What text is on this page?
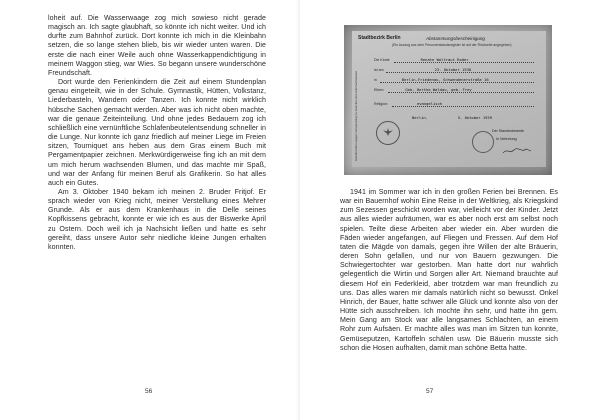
loheit auf. Die Wasserwaage zog mich sowieso nicht gerade magisch an. Ich sagte glaubhaft, so könnte ich nicht weiter. Und ich durfte zum Bahnhof zurück. Dort konnte ich mich in die Kleinbahn setzen, die so lange stehen blieb, bis wir wieder unten waren. Die erste die nach einer Weile auch ohne Wasserkappendichtigung in meinem Waggon stieg, war Wies. So begann unsere wunderschöne Freundschaft.

Dort wurde den Ferienkindern die Zeit auf einem Stundenplan genau eingeteilt, wie in der Schule. Gymnastik, Hütten, Volkstanz, Liederbasteln, Wandern oder Tanzen. Ich konnte nicht wirklich hübsche Sachen gemacht werden. Aber was ich nicht oben machte, war die genaue Zeiteinteilung. Und ohne jedes Bedauern zog ich schließlich eine vernünftliche Schlafenbeutelentsendung schneller in die Lunge. Nur konnte ich ganz friedlich auf meiner Liege im Freien sitzen, Tourniquet ans heben aus dem Gras einem Buch mit Pergamentpapier zeichnen. Merkwürdigerweise fing ich an mit dem um mich herum wachsenden Blumen, und das machte mir Spaß, und war der Anfang für meinen Beruf als Grafikerin. So hat alles auch ein Gutes.

Am 3. Oktober 1940 bekam ich meinen 2. Bruder Fritjof. Er sprach wieder von Krieg nicht, meiner Verstellung eines Mehrer Grunde. Als er aus dem Krankenhaus in die Delle seines Kopfkissens gebracht, konnte er wie ich es aus der Biswerke April zu Ostern. Doch weil ich ja Nachsicht ließen und hatte es sehr gereiht, dass unsere Autor sehr niedliche kleine Jungen erhalten konnten.

56
Gebührenfrei wegen Verwendung zu Zwecken des Ariernachweises
Stadtbezirk Berlin	Abstammungsbescheinigung
(Ein Auszug aus dem Personenstandsregister ist auf der Rückseite angegeben)
Die Kinde	Renate Waltraut Roder
ist am	23. Oktober 1930
in	Berlin-Friedenau, Schwendenerstraße 16
Eltern:	Geb. Hertha Waldau, geb. Frey
Religion:	evangelisch
Berlin,	5. Oktober 1939
Der Standesbeamte
In Vertretung

1941 im Sommer war ich in den großen Ferien bei Brennen. Es war ein Bauernhof wohin Eine Reise in der Weltkrieg, als Kriegskind zum Sezessen geschickt worden war, vielleicht vor der Kinder. Jetzt aus alles wieder aufräumen, war es aber noch erst am selbst noch spielen. Teilte diese Arbeiten aber wieder ein. Aber wurden die Fäden wieder angefangen, auf Fliegen und Fressen. Auf dem Hof taten die Mägde von damals, gegen ihre Willen der alte Bräuerin, deren Sohn gefallen, und nur von Bauern gezwungen. Die Schwiegertochter war gestorben. Man hatte dort nur wahrlich gelegentlich die Wirtin und Sorgen aller Art. Niemand brauchte auf diesem Hof ein Federkleid, aber trotzdem war man freundlich zu uns. Das alles waren mir damals natürlich nicht so bewusst. Onkel Hinrich, der Bauer, hatte schwer alle Glück und konnte also von der Hütte sich ausschreiben. Ich mochte ihn sehr, und hatte ihn gern. Mein Gang am Stock war alle langsames Schlachten, an einem Rohr zum Aufsäen. Er machte alles was man im Sitzen tun konnte, Gemüseputzen, Kartoffeln schälen usw. Die Bäuerin musste sich schon die Hosen aufhalten, damit man schöne Betta hatte.

57
